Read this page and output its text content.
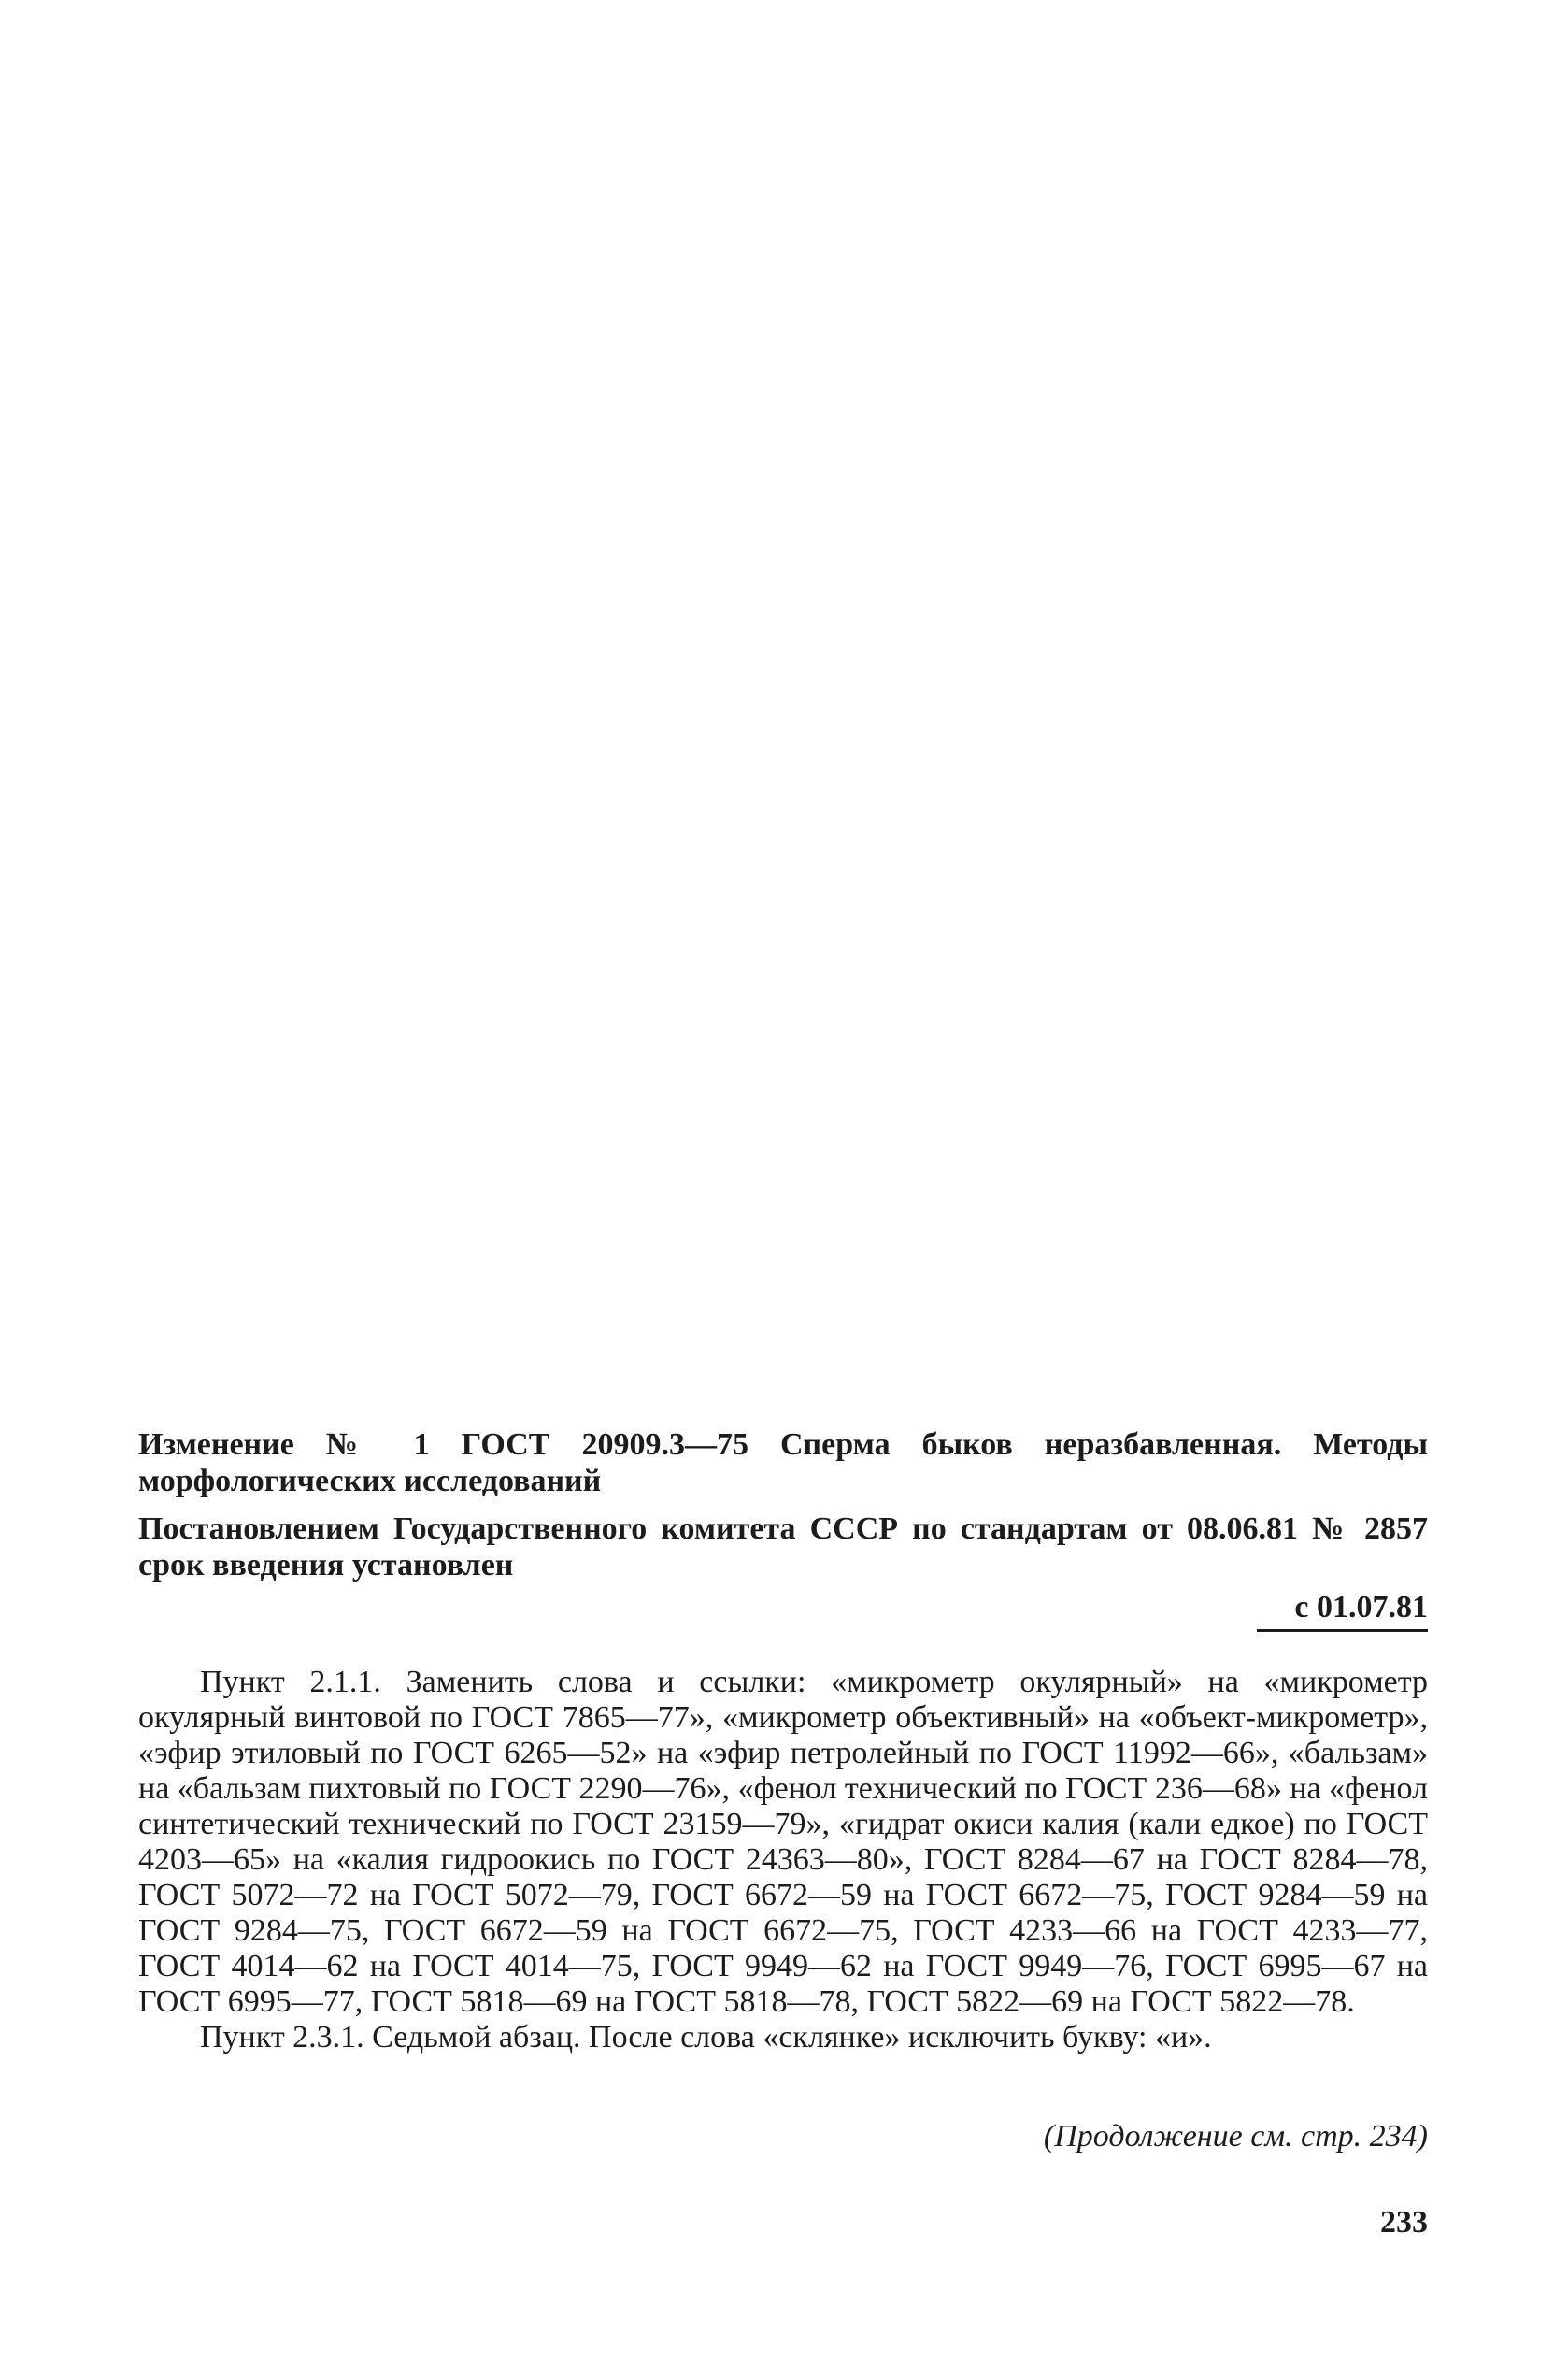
Изменение № 1 ГОСТ 20909.3—75 Сперма быков неразбавленная. Методы морфологических исследований
Постановлением Государственного комитета СССР по стандартам от 08.06.81 № 2857 срок введения установлен
с 01.07.81

Пункт 2.1.1. Заменить слова и ссылки: «микрометр окулярный» на «микрометр окулярный винтовой по ГОСТ 7865—77», «микрометр объективный» на «объект-микрометр», «эфир этиловый по ГОСТ 6265—52» на «эфир петролейный по ГОСТ 11992—66», «бальзам» на «бальзам пихтовый по ГОСТ 2290—76», «фенол технический по ГОСТ 236—68» на «фенол синтетический технический по ГОСТ 23159—79», «гидрат окиси калия (кали едкое) по ГОСТ 4203—65» на «калия гидроокись по ГОСТ 24363—80», ГОСТ 8284—67 на ГОСТ 8284—78, ГОСТ 5072—72 на ГОСТ 5072—79, ГОСТ 6672—59 на ГОСТ 6672—75, ГОСТ 9284—59 на ГОСТ 9284—75, ГОСТ 6672—59 на ГОСТ 6672—75, ГОСТ 4233—66 на ГОСТ 4233—77, ГОСТ 4014—62 на ГОСТ 4014—75, ГОСТ 9949—62 на ГОСТ 9949—76, ГОСТ 6995—67 на ГОСТ 6995—77, ГОСТ 5818—69 на ГОСТ 5818—78, ГОСТ 5822—69 на ГОСТ 5822—78.

Пункт 2.3.1. Седьмой абзац. После слова «склянке» исключить букву: «и».

(Продолжение см. стр. 234)
233
